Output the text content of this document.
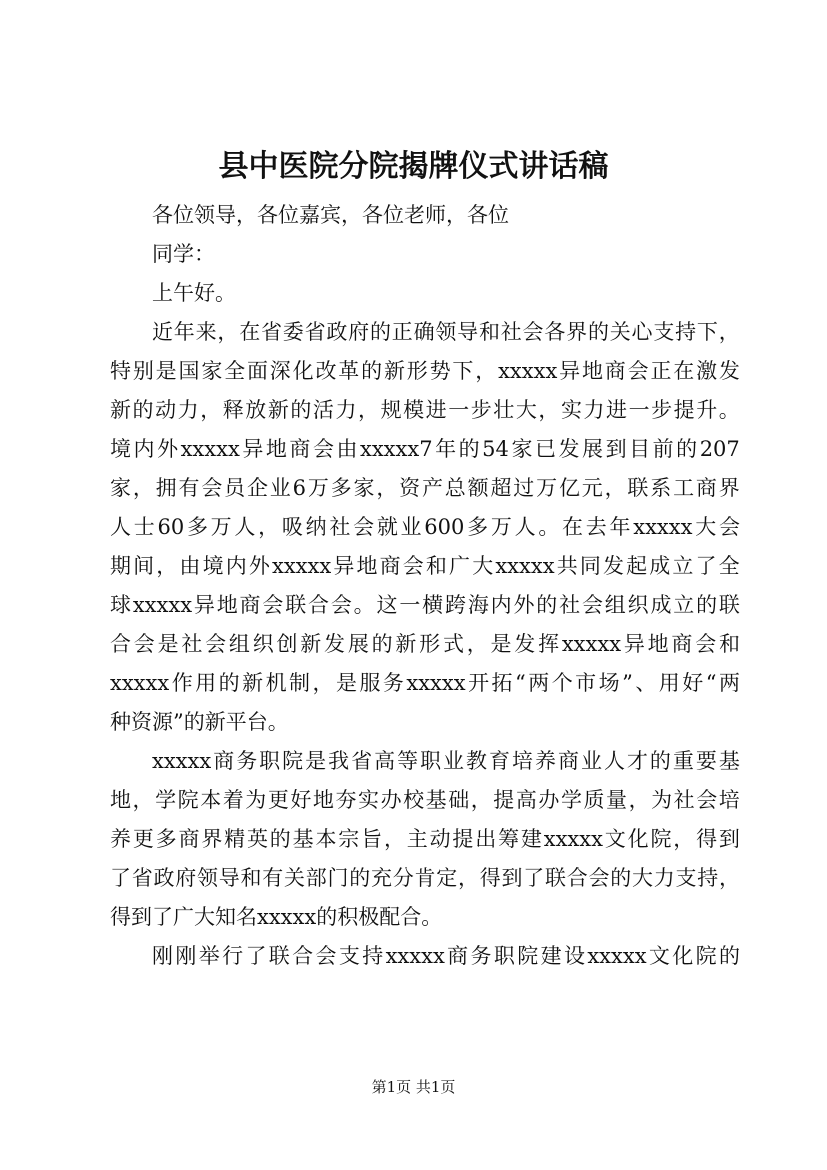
县中医院分院揭牌仪式讲话稿
各位领导，各位嘉宾，各位老师，各位
同学：
上午好。
近 年 来 ， 在 省 委 省 政 府 的 正 确 领 导 和 社 会 各 界 的 关 心 支 持 下 ，
特 别 是 国 家 全 面 深 化 改 革 的 新 形 势 下 ， xxxxx 异 地 商 会 正 在 激 发
新 的 动 力 ， 释 放 新 的 活 力 ， 规 模 进 一 步 壮 大 ， 实 力 进 一 步 提 升 。
境 内 外 xxxxx 异 地 商 会 由 xxxxx7 年 的 54 家 已 发 展 到 目 前 的 207
家 ， 拥 有 会 员 企 业 6 万 多 家 ， 资 产 总 额 超 过 万 亿 元 ， 联 系 工 商 界
人 士 60 多 万 人 ， 吸 纳 社 会 就 业 600 多 万 人 。 在 去 年 xxxxx 大 会
期 间 ， 由 境 内 外 xxxxx 异 地 商 会 和 广 大 xxxxx 共 同 发 起 成 立 了 全
球 xxxxx 异 地 商 会 联 合 会 。 这 一 横 跨 海 内 外 的 社 会 组 织 成 立 的 联
合 会 是 社 会 组 织 创 新 发 展 的 新 形 式 ， 是 发 挥 xxxxx 异 地 商 会 和
xxxxx 作 用 的 新 机 制 ， 是 服 务 xxxxx 开 拓 “ 两 个 市 场 ” 、 用 好 “ 两
种资源”的新平台。
xxxxx 商 务 职 院 是 我 省 高 等 职 业 教 育 培 养 商 业 人 才 的 重 要 基
地 ， 学 院 本 着 为 更 好 地 夯 实 办 校 基 础 ， 提 高 办 学 质 量 ， 为 社 会 培
养 更 多 商 界 精 英 的 基 本 宗 旨 ， 主 动 提 出 筹 建 xxxxx 文 化 院 ， 得 到
了 省 政 府 领 导 和 有 关 部 门 的 充 分 肯 定 ， 得 到 了 联 合 会 的 大 力 支 持 ，
得到了广大知名xxxxx的积极配合。
刚 刚 举 行 了 联 合 会 支 持 xxxxx 商 务 职 院 建 设 xxxxx 文 化 院 的
第1页 共1页
